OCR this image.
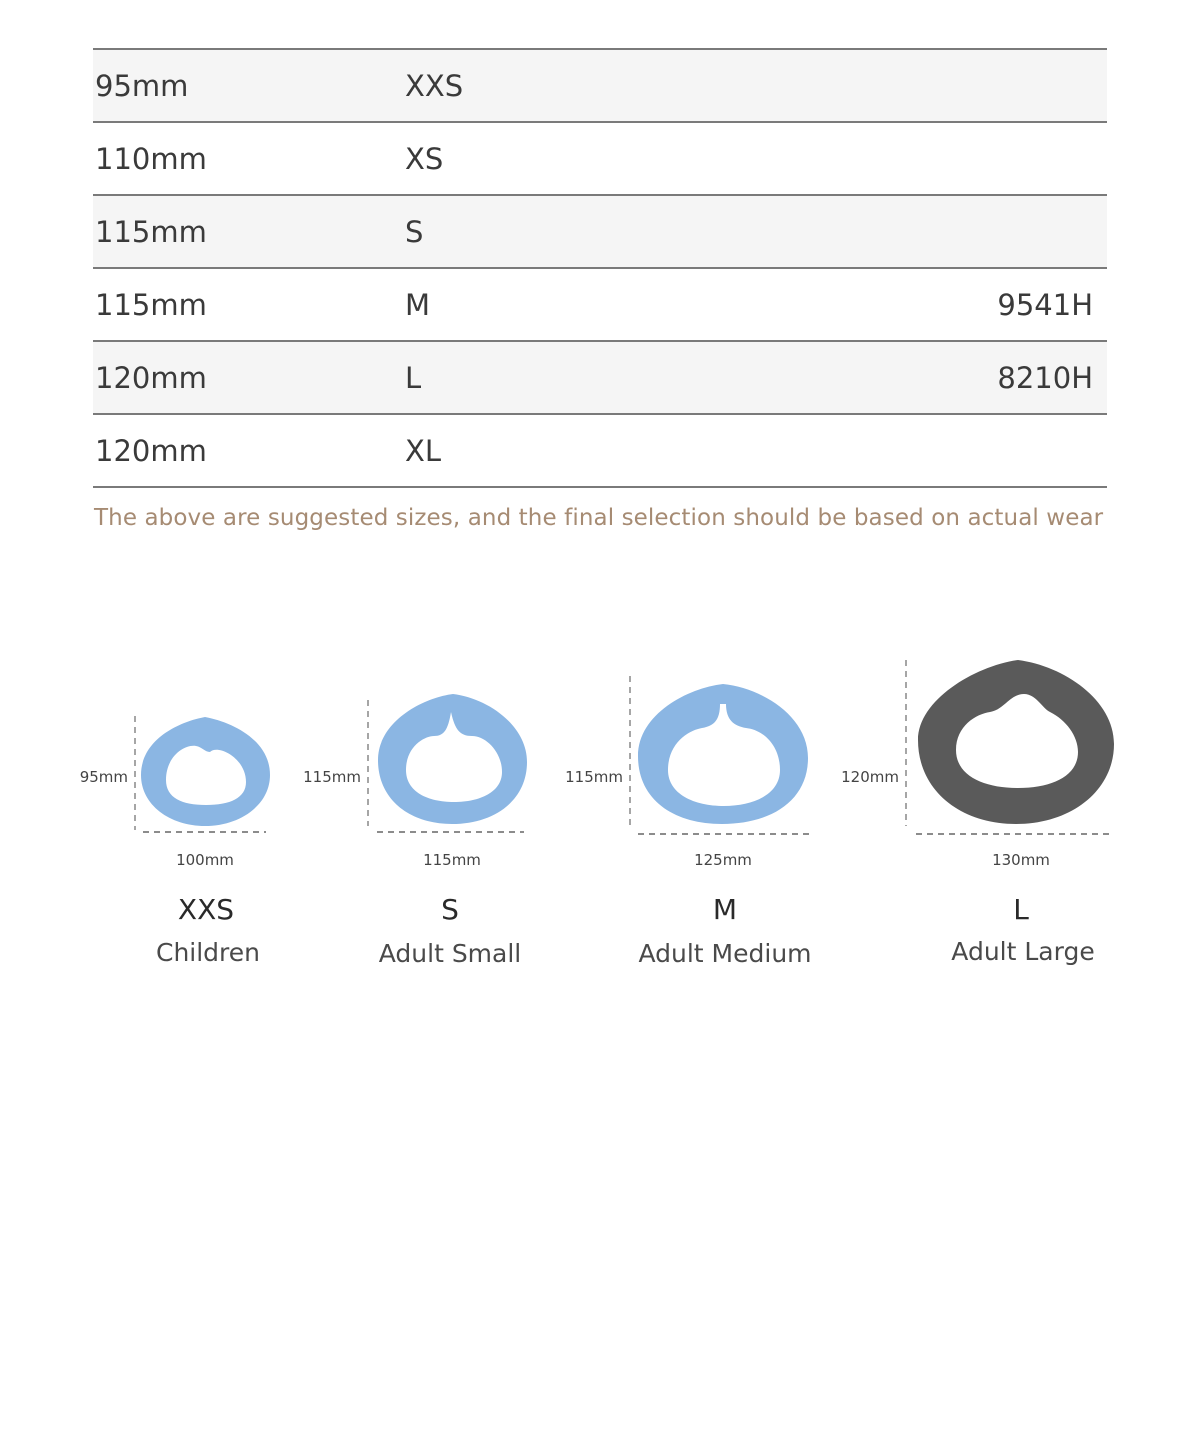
95mm	XXS
110mm	XS
115mm	S
115mm	M	9541H
120mm	L	8210H
120mm	XL
The above are suggested sizes, and the final selection should be based on actual wear
95mm
100mm
115mm
115mm
115mm
125mm
120mm
130mm
XXS
Children
S
Adult Small
M
Adult Medium
L
Adult Large
